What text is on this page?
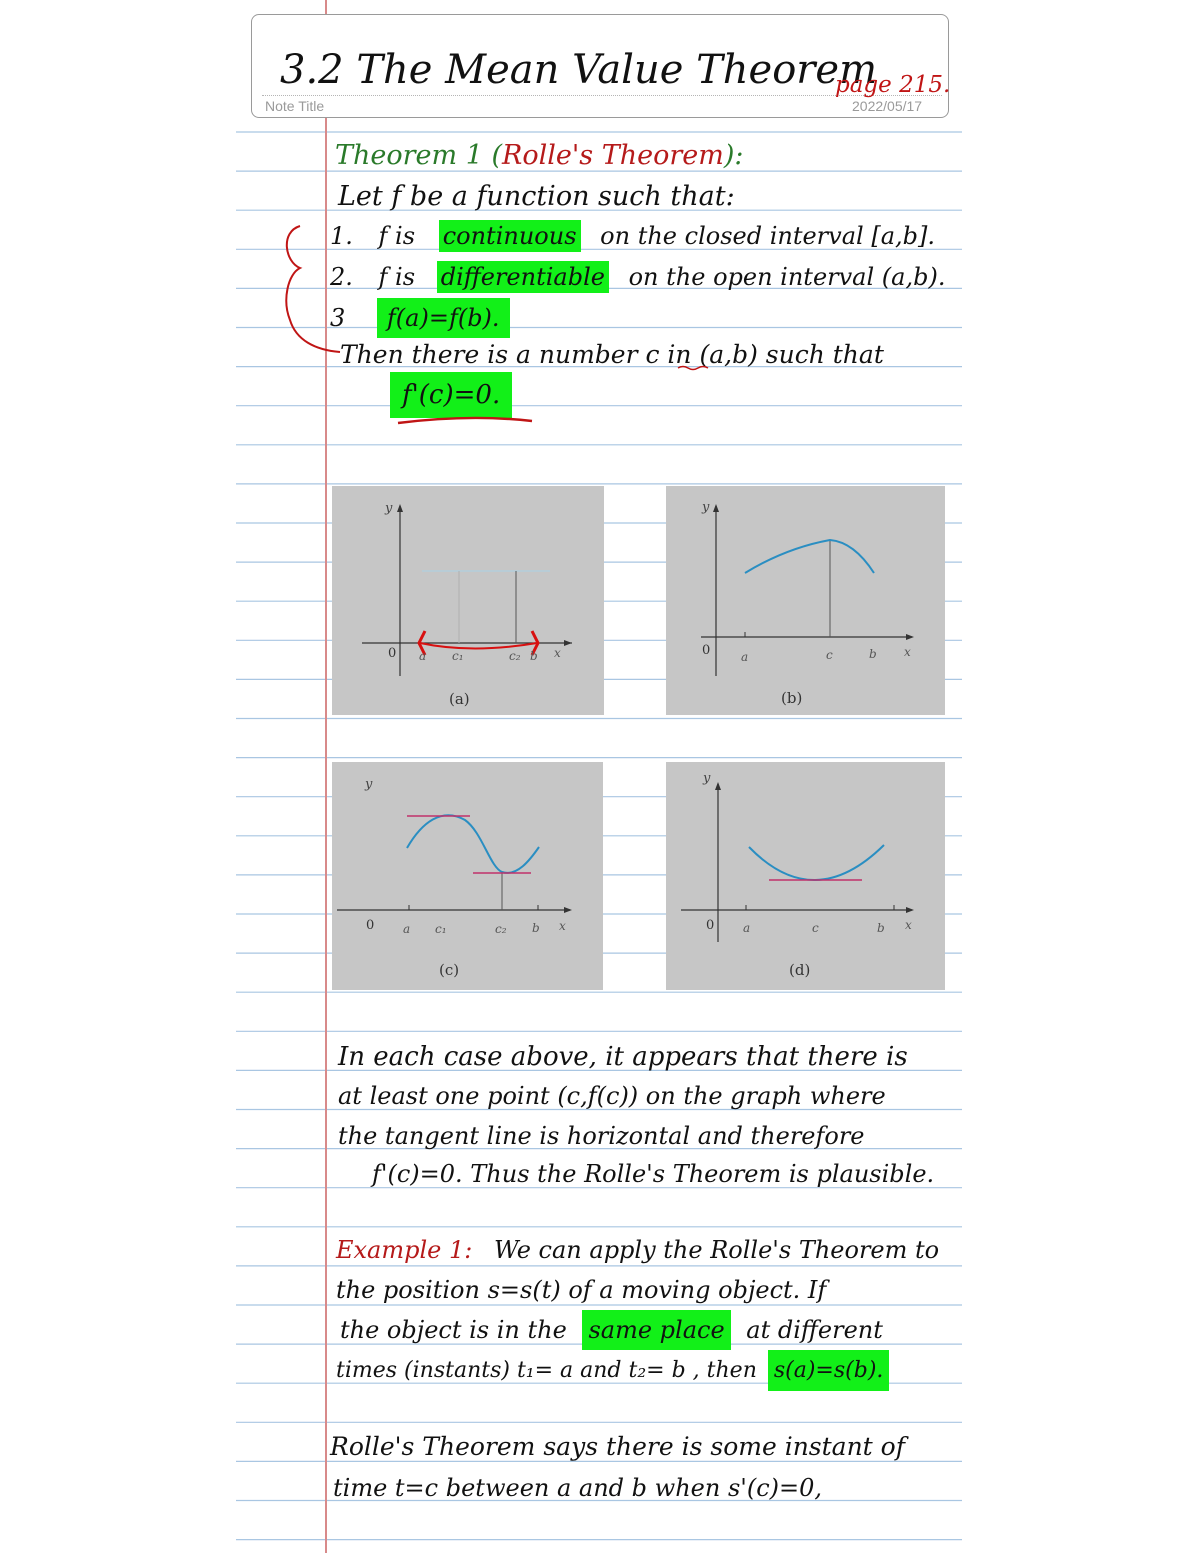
3.2 The Mean Value Theorem
page 215.
Note Title	2022/05/17
Theorem 1 (Rolle's Theorem):
Let f be a function such that:
1. f is continuous on the closed interval [a,b].
2. f is differentiable on the open interval (a,b).
3 f(a)=f(b).
Then there is a number c in (a,b) such that
f'(c)=0.
y
0	x
a c₁	c₂ b
(a)
y
0	x
a	c	b
(b)
y
0	x
a c₁	c₂ b
(c)
y
0	x
a	c	b
(d)
In each case above, it appears that there is
at least one point (c,f(c)) on the graph where
the tangent line is horizontal and therefore
f'(c)=0. Thus the Rolle's Theorem is plausible.
Example 1: We can apply the Rolle's Theorem to
the position s=s(t) of a moving object. If
the object is in the same place at different
times (instants) t₁= a and t₂= b , then s(a)=s(b).
Rolle's Theorem says there is some instant of
time t=c between a and b when s'(c)=0,
